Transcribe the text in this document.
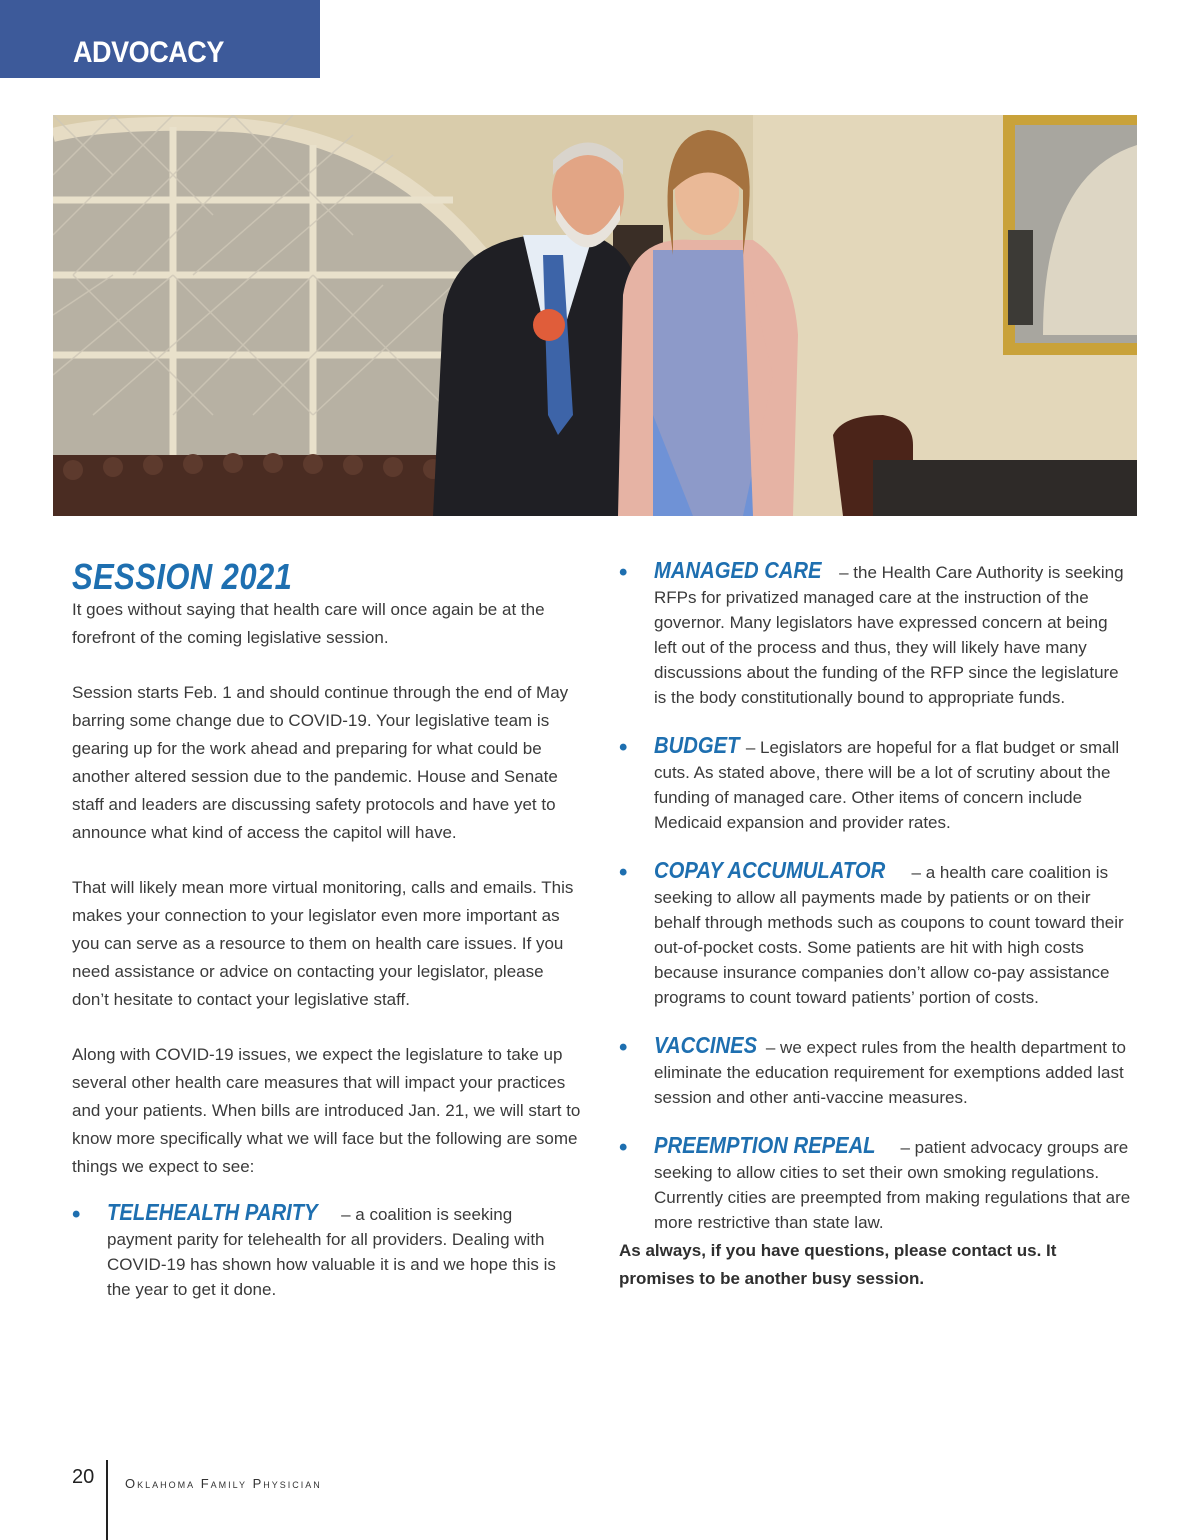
ADVOCACY
SESSION 2021

It goes without saying that health care will once again be at the forefront of the coming legislative session.

Session starts Feb. 1 and should continue through the end of May barring some change due to COVID-19. Your legislative team is gearing up for the work ahead and preparing for what could be another altered session due to the pandemic. House and Senate staff and leaders are discussing safety protocols and have yet to announce what kind of access the capitol will have.

That will likely mean more virtual monitoring, calls and emails. This makes your connection to your legislator even more important as you can serve as a resource to them on health care issues. If you need assistance or advice on contacting your legislator, please don’t hesitate to contact your legislative staff.

Along with COVID-19 issues, we expect the legislature to take up several other health care measures that will impact your practices and your patients. When bills are introduced Jan. 21, we will start to know more specifically what we will face but the following are some things we expect to see:

• TELEHEALTH PARITY – a coalition is seeking payment parity for telehealth for all providers. Dealing with COVID-19 has shown how valuable it is and we hope this is the year to get it done.
• MANAGED CARE – the Health Care Authority is seeking RFPs for privatized managed care at the instruction of the governor. Many legislators have expressed concern at being left out of the process and thus, they will likely have many discussions about the funding of the RFP since the legislature is the body constitutionally bound to appropriate funds.
• BUDGET – Legislators are hopeful for a flat budget or small cuts. As stated above, there will be a lot of scrutiny about the funding of managed care. Other items of concern include Medicaid expansion and provider rates.
• COPAY ACCUMULATOR – a health care coalition is seeking to allow all payments made by patients or on their behalf through methods such as coupons to count toward their out-of-pocket costs. Some patients are hit with high costs because insurance companies don’t allow co-pay assistance programs to count toward patients’ portion of costs.
• VACCINES – we expect rules from the health department to eliminate the education requirement for exemptions added last session and other anti-vaccine measures.
• PREEMPTION REPEAL – patient advocacy groups are seeking to allow cities to set their own smoking regulations. Currently cities are preempted from making regulations that are more restrictive than state law.

As always, if you have questions, please contact us. It promises to be another busy session.

20 Oklahoma Family Physician
